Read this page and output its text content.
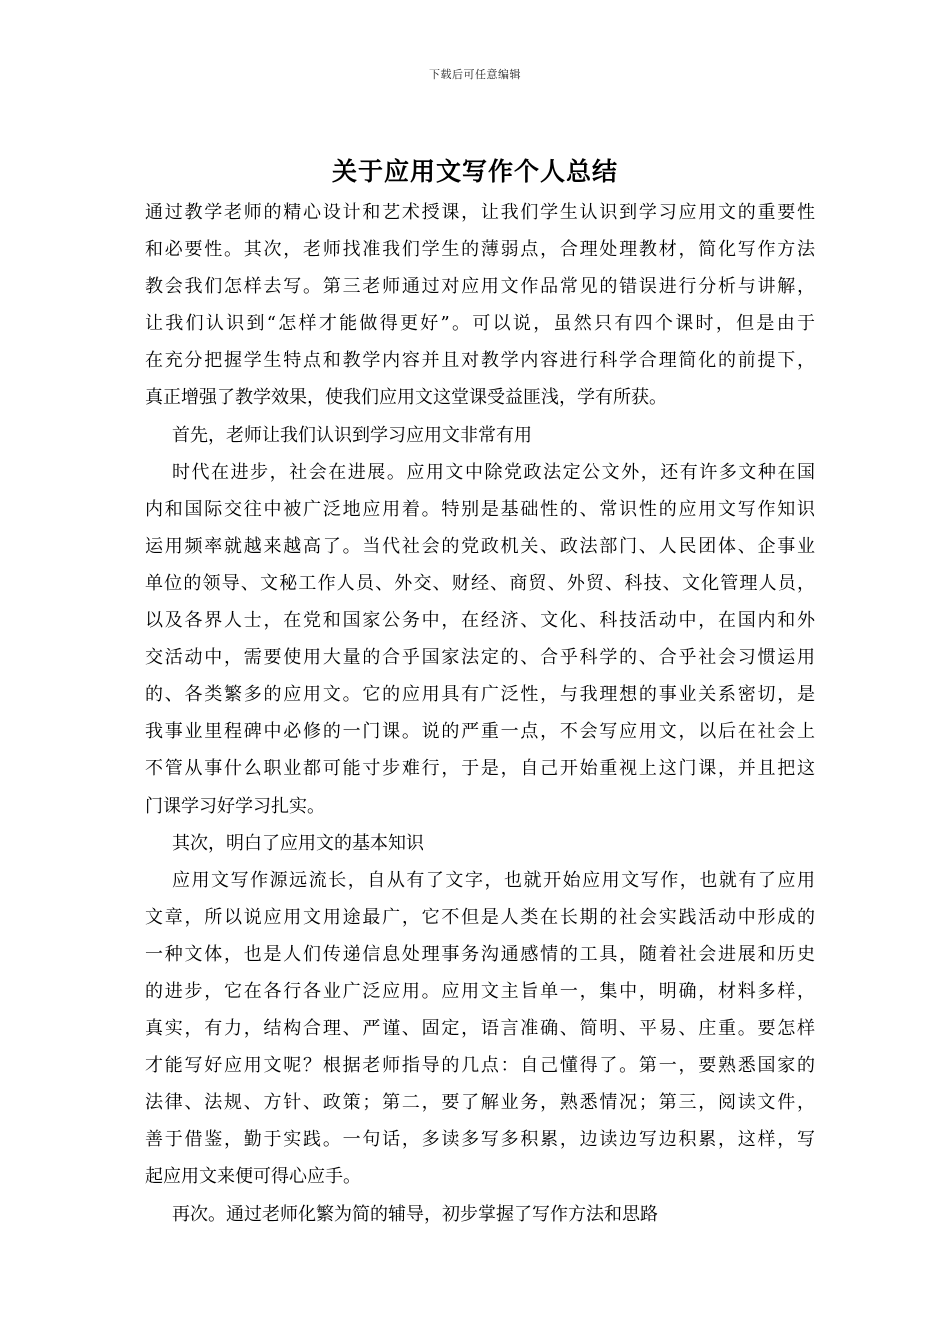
下载后可任意编辑
关于应用文写作个人总结

通过教学老师的精心设计和艺术授课，让我们学生认识到学习应用文的重要性
和必要性。其次，老师找准我们学生的薄弱点，合理处理教材，简化写作方法
教会我们怎样去写。第三老师通过对应用文作品常见的错误进行分析与讲解，
让我们认识到“怎样才能做得更好”。可以说，虽然只有四个课时，但是由于
在充分把握学生特点和教学内容并且对教学内容进行科学合理简化的前提下，
真正增强了教学效果，使我们应用文这堂课受益匪浅，学有所获。

首先，老师让我们认识到学习应用文非常有用

时代在进步，社会在进展。应用文中除党政法定公文外，还有许多文种在国
内和国际交往中被广泛地应用着。特别是基础性的、常识性的应用文写作知识
运用频率就越来越高了。当代社会的党政机关、政法部门、人民团体、企事业
单位的领导、文秘工作人员、外交、财经、商贸、外贸、科技、文化管理人员，
以及各界人士，在党和国家公务中，在经济、文化、科技活动中，在国内和外
交活动中，需要使用大量的合乎国家法定的、合乎科学的、合乎社会习惯运用
的、各类繁多的应用文。它的应用具有广泛性，与我理想的事业关系密切，是
我事业里程碑中必修的一门课。说的严重一点，不会写应用文，以后在社会上
不管从事什么职业都可能寸步难行，于是，自己开始重视上这门课，并且把这
门课学习好学习扎实。

其次，明白了应用文的基本知识

应用文写作源远流长，自从有了文字，也就开始应用文写作，也就有了应用
文章，所以说应用文用途最广，它不但是人类在长期的社会实践活动中形成的
一种文体，也是人们传递信息处理事务沟通感情的工具，随着社会进展和历史
的进步，它在各行各业广泛应用。应用文主旨单一，集中，明确，材料多样，
真实，有力，结构合理、严谨、固定，语言准确、简明、平易、庄重。要怎样
才能写好应用文呢？根据老师指导的几点：自己懂得了。第一，要熟悉国家的
法律、法规、方针、政策；第二，要了解业务，熟悉情况；第三，阅读文件，
善于借鉴，勤于实践。一句话，多读多写多积累，边读边写边积累，这样，写
起应用文来便可得心应手。

再次。通过老师化繁为简的辅导，初步掌握了写作方法和思路
